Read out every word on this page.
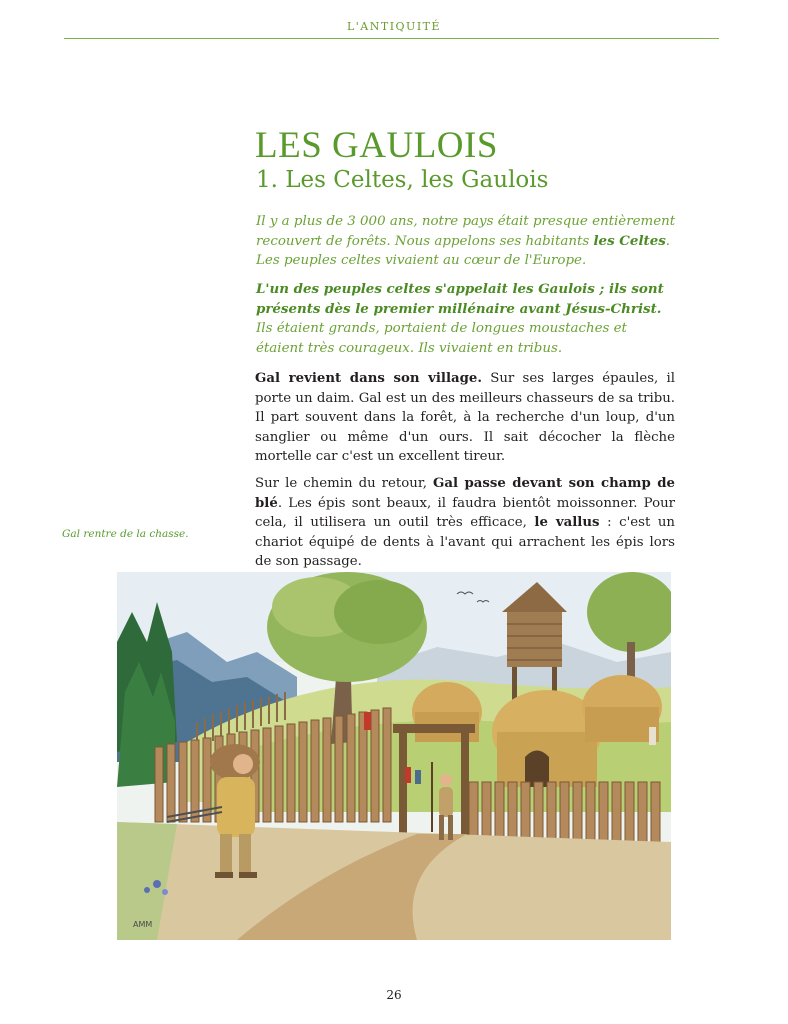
L'ANTIQUITÉ
LES GAULOIS
1. Les Celtes, les Gaulois

Il y a plus de 3 000 ans, notre pays était presque entièrement recouvert de forêts. Nous appelons ses habitants les Celtes. Les peuples celtes vivaient au cœur de l'Europe.

L'un des peuples celtes s'appelait les Gaulois ; ils sont présents dès le premier millénaire avant Jésus-Christ. Ils étaient grands, portaient de longues moustaches et étaient très courageux. Ils vivaient en tribus.

Gal revient dans son village. Sur ses larges épaules, il porte un daim. Gal est un des meilleurs chasseurs de sa tribu. Il part souvent dans la forêt, à la recherche d'un loup, d'un sanglier ou même d'un ours. Il sait décocher la flèche mortelle car c'est un excellent tireur.

Sur le chemin du retour, Gal passe devant son champ de blé. Les épis sont beaux, il faudra bientôt moissonner. Pour cela, il utilisera un outil très efficace, le vallus : c'est un chariot équipé de dents à l'avant qui arrachent les épis lors de son passage.

Gal rentre de la chasse.
AMM
26
